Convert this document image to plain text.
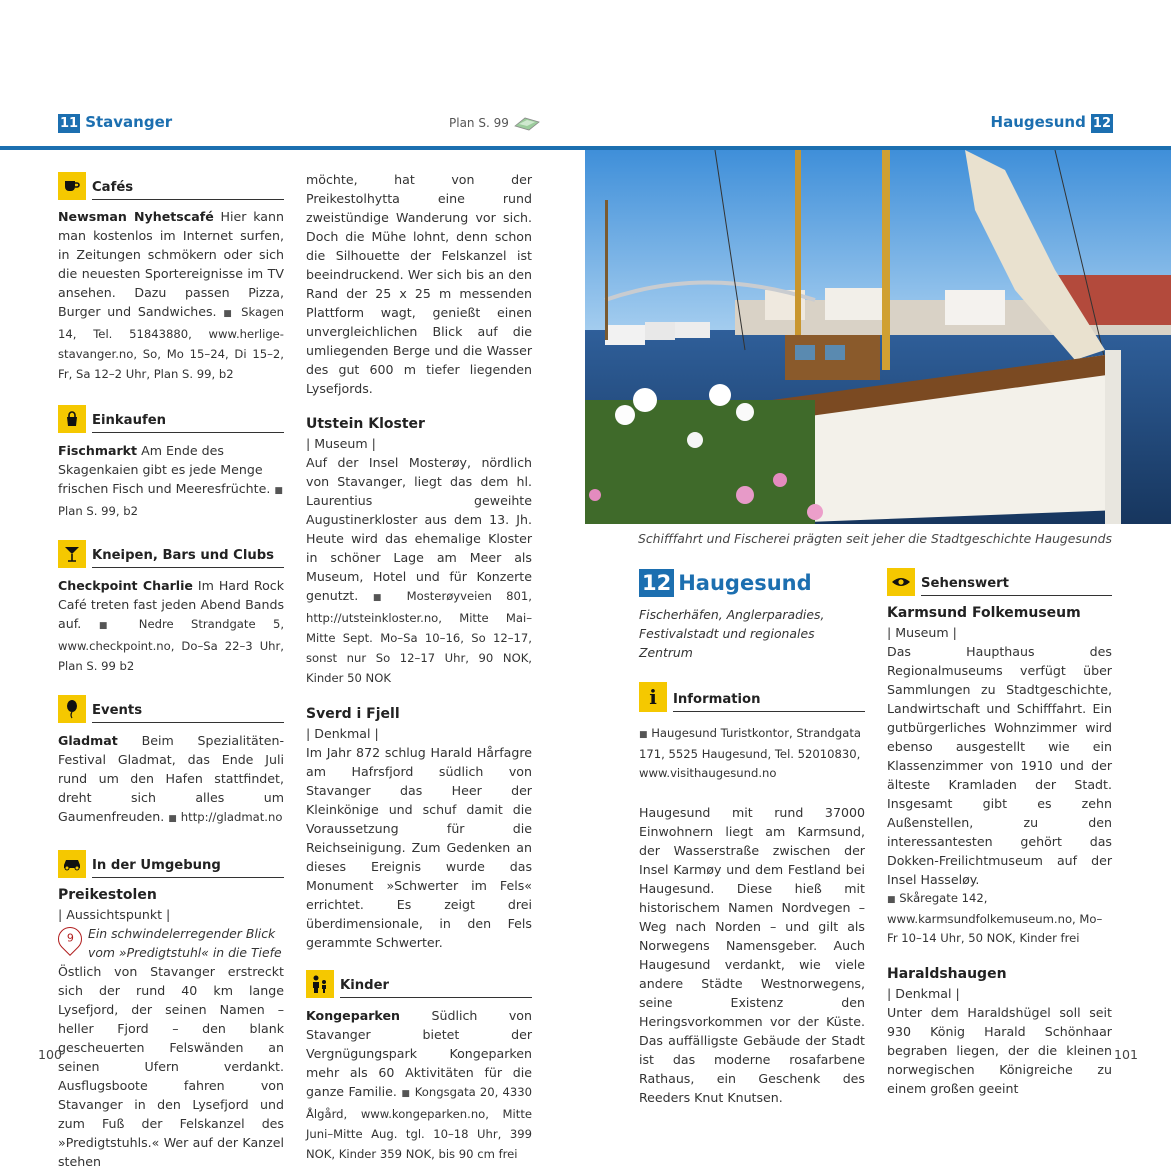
11 Stavanger	Plan S. 99	Haugesund 12
Cafés

Newsman Nyhetscafé Hier kann man kostenlos im Internet surfen, in Zeitungen schmökern oder sich die neuesten Sportereignisse im TV ansehen. Dazu passen Pizza, Burger und Sandwiches. ■ Skagen 14, Tel. 51843880, www.herlige-stavanger.no, So, Mo 15–24, Di 15–2, Fr, Sa 12–2 Uhr, Plan S. 99, b2

Einkaufen

Fischmarkt Am Ende des Skagenkaien gibt es jede Menge frischen Fisch und Meeresfrüchte. ■ Plan S. 99, b2

Kneipen, Bars und Clubs

Checkpoint Charlie Im Hard Rock Café treten fast jeden Abend Bands auf. ■ Nedre Strandgate 5, www.checkpoint.no, Do–Sa 22–3 Uhr, Plan S. 99 b2

Events

Gladmat Beim Spezialitäten-Festival Gladmat, das Ende Juli rund um den Hafen stattfindet, dreht sich alles um Gaumenfreuden. ■ http://gladmat.no

In der Umgebung
Preikestolen
| Aussichtspunkt |
9	Ein schwindelerregender Blick vom »Predigtstuhl« in die Tiefe

Östlich von Stavanger erstreckt sich der rund 40 km lange Lysefjord, der seinen Namen – heller Fjord – den blank gescheuerten Felswänden an seinen Ufern verdankt. Ausflugsboote fahren von Stavanger in den Lysefjord und zum Fuß der Felskanzel des »Predigtstuhls.« Wer auf der Kanzel stehen

möchte, hat von der Preikestolhytta eine rund zweistündige Wanderung vor sich. Doch die Mühe lohnt, denn schon die Silhouette der Felskanzel ist beeindruckend. Wer sich bis an den Rand der 25 x 25 m messenden Plattform wagt, genießt einen unvergleichlichen Blick auf die umliegenden Berge und die Wasser des gut 600 m tiefer liegenden Lysefjords.

Utstein Kloster
| Museum |

Auf der Insel Mosterøy, nördlich von Stavanger, liegt das dem hl. Laurentius geweihte Augustinerkloster aus dem 13. Jh. Heute wird das ehemalige Kloster in schöner Lage am Meer als Museum, Hotel und für Konzerte genutzt. ■ Mosterøyveien 801, http://utsteinkloster.no, Mitte Mai–Mitte Sept. Mo–Sa 10–16, So 12–17, sonst nur So 12–17 Uhr, 90 NOK, Kinder 50 NOK

Sverd i Fjell
| Denkmal |

Im Jahr 872 schlug Harald Hårfagre am Hafrsfjord südlich von Stavanger das Heer der Kleinkönige und schuf damit die Voraussetzung für die Reichseinigung. Zum Gedenken an dieses Ereignis wurde das Monument »Schwerter im Fels« errichtet. Es zeigt drei überdimensionale, in den Fels gerammte Schwerter.

Kinder

Kongeparken	Südlich von Stavanger bietet der Vergnügungspark Kongeparken mehr als 60 Aktivitäten für die ganze Familie. ■ Kongsgata 20, 4330 Ålgård, www.kongeparken.no, Mitte Juni–Mitte Aug. tgl. 10–18 Uhr, 399 NOK, Kinder 359 NOK, bis 90 cm frei

Schifffahrt und Fischerei prägten seit jeher die Stadtgeschichte Haugesunds
12 Haugesund

Fischerhäfen, Anglerparadies, Festivalstadt und regionales Zentrum

i Information

■ Haugesund Turistkontor, Strandgata 171, 5525 Haugesund, Tel. 52010830, www.visithaugesund.no

Haugesund mit rund 37000 Einwohnern liegt am Karmsund, der Wasserstraße zwischen der Insel Karmøy und dem Festland bei Haugesund. Diese hieß mit historischem Namen Nordvegen – Weg nach Norden – und gilt als Norwegens Namensgeber. Auch Haugesund verdankt, wie viele andere Städte Westnorwegens, seine Existenz den Heringsvorkommen vor der Küste. Das auffälligste Gebäude der Stadt ist das moderne rosafarbene Rathaus, ein Geschenk des Reeders Knut Knutsen.

Sehenswert
Karmsund Folkemuseum
| Museum |

Das Haupthaus des Regionalmuseums verfügt über Sammlungen zu Stadtgeschichte, Landwirtschaft und Schifffahrt. Ein gutbürgerliches Wohnzimmer wird ebenso ausgestellt wie ein Klassenzimmer von 1910 und der älteste Kramladen der Stadt. Insgesamt gibt es zehn Außenstellen, zu den interessantesten gehört das Dokken-Freilichtmuseum auf der Insel Hasseløy.

■ Skåregate 142, www.karmsundfolkemuseum.no, Mo–Fr 10–14 Uhr, 50 NOK, Kinder frei

Haraldshaugen
| Denkmal |

Unter dem Haraldshügel soll seit 930 König Harald Schönhaar begraben liegen, der die kleinen norwegischen Königreiche zu einem großen geeint

100	101
